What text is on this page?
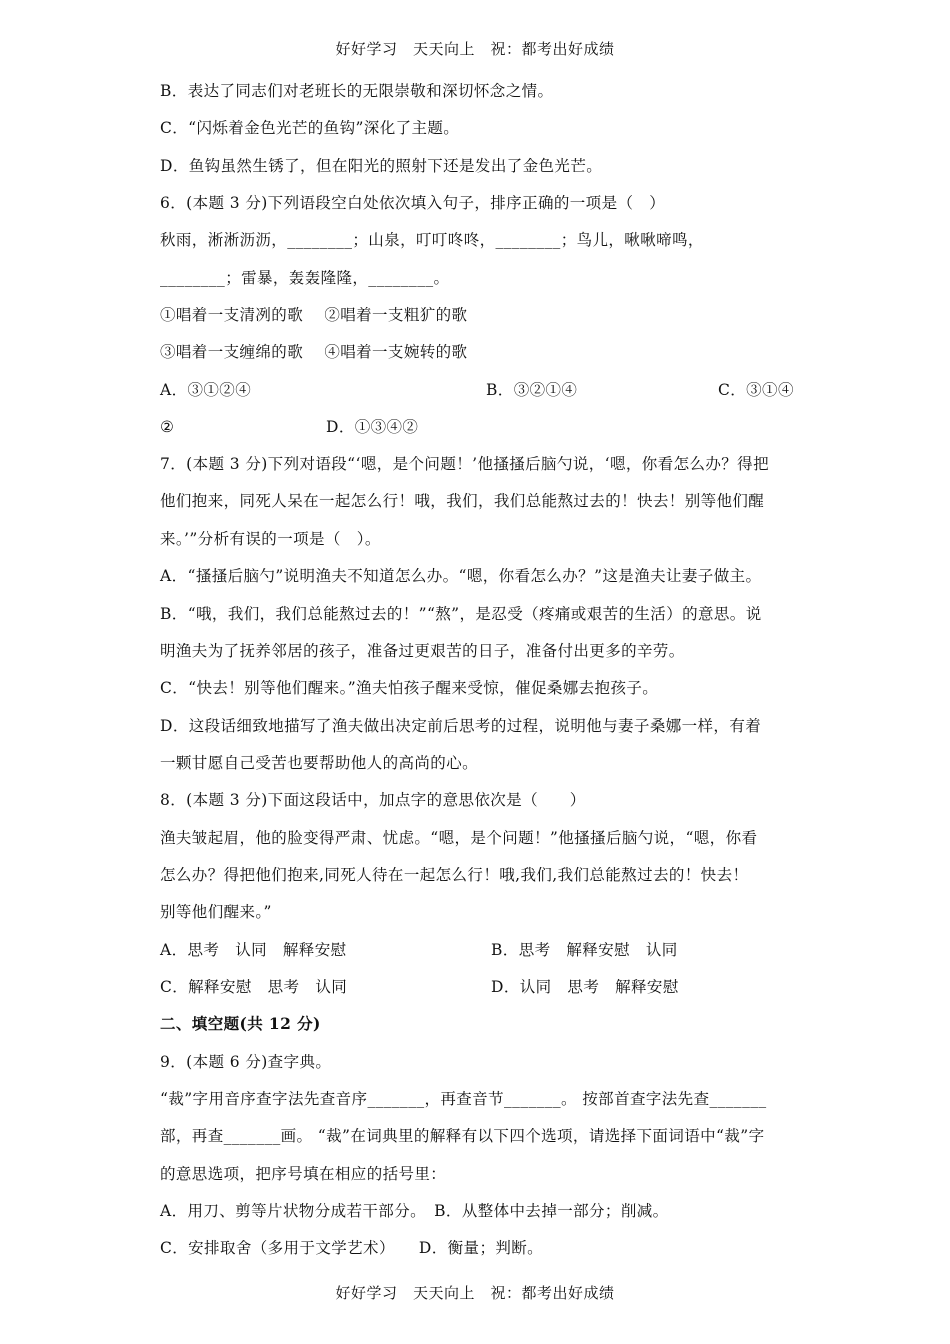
好好学习　天天向上　祝：都考出好成绩
B．表达了同志们对老班长的无限崇敬和深切怀念之情。
C．“闪烁着金色光芒的鱼钩”深化了主题。
D．鱼钩虽然生锈了，但在阳光的照射下还是发出了金色光芒。
6．(本题 3 分)下列语段空白处依次填入句子，排序正确的一项是（　）
秋雨，淅淅沥沥，________；山泉，叮叮咚咚，________；鸟儿，啾啾啼鸣，
________；雷暴，轰轰隆隆，________。
①唱着一支清冽的歌　 ②唱着一支粗犷的歌
③唱着一支缠绵的歌　 ④唱着一支婉转的歌
A．③①②④	B．③②①④	C．③①④
②	D．①③④②
7．(本题 3 分)下列对语段“‘嗯，是个问题！’他搔搔后脑勺说，‘嗯，你看怎么办？得把
他们抱来，同死人呆在一起怎么行！哦，我们，我们总能熬过去的！快去！别等他们醒
来。’”分析有误的一项是（　）。
A．“搔搔后脑勺”说明渔夫不知道怎么办。“嗯，你看怎么办？”这是渔夫让妻子做主。
B．“哦，我们，我们总能熬过去的！”“熬”，是忍受（疼痛或艰苦的生活）的意思。说
明渔夫为了抚养邻居的孩子，准备过更艰苦的日子，准备付出更多的辛劳。
C．“快去！别等他们醒来。”渔夫怕孩子醒来受惊，催促桑娜去抱孩子。
D．这段话细致地描写了渔夫做出决定前后思考的过程，说明他与妻子桑娜一样，有着
一颗甘愿自己受苦也要帮助他人的高尚的心。
8．(本题 3 分)下面这段话中，加点字的意思依次是（　　）
渔夫皱起眉，他的脸变得严肃、忧虑。“嗯，是个问题！”他搔搔后脑勺说，“嗯，你看
怎么办？得把他们抱来,同死人待在一起怎么行！哦,我们,我们总能熬过去的！快去！
别等他们醒来。”
A．思考　认同　解释安慰	B．思考　解释安慰　认同
C．解释安慰　思考　认同	D．认同　思考　解释安慰
二、填空题(共 12 分)
9．(本题 6 分)查字典。
“裁”字用音序查字法先查音序_______，再查音节_______。 按部首查字法先查_______
部，再查_______画。 “裁”在词典里的解释有以下四个选项，请选择下面词语中“裁”字
的意思选项，把序号填在相应的括号里：
A．用刀、剪等片状物分成若干部分。　B．从整体中去掉一部分；削减。
C．安排取舍（多用于文学艺术）　　D．衡量；判断。
好好学习　天天向上　祝：都考出好成绩
